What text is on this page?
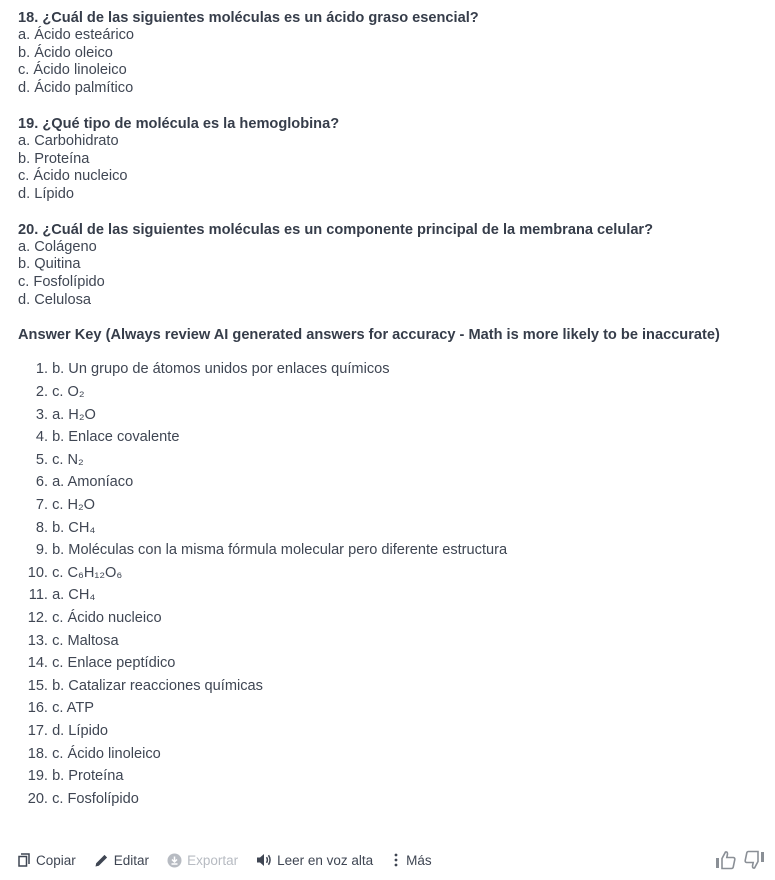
18. ¿Cuál de las siguientes moléculas es un ácido graso esencial?
a. Ácido esteárico
b. Ácido oleico
c. Ácido linoleico
d. Ácido palmítico
19. ¿Qué tipo de molécula es la hemoglobina?
a. Carbohidrato
b. Proteína
c. Ácido nucleico
d. Lípido
20. ¿Cuál de las siguientes moléculas es un componente principal de la membrana celular?
a. Colágeno
b. Quitina
c. Fosfolípido
d. Celulosa
Answer Key (Always review AI generated answers for accuracy - Math is more likely to be inaccurate)
1.
b. Un grupo de átomos unidos por enlaces químicos
2.
c. O₂
3.
a. H₂O
4.
b. Enlace covalente
5.
c. N₂
6.
a. Amoníaco
7.
c. H₂O
8.
b. CH₄
9.
b. Moléculas con la misma fórmula molecular pero diferente estructura
10.
c. C₆H₁₂O₆
11.
a. CH₄
12.
c. Ácido nucleico
13.
c. Maltosa
14.
c. Enlace peptídico
15.
b. Catalizar reacciones químicas
16.
c. ATP
17.
d. Lípido
18.
c. Ácido linoleico
19.
b. Proteína
20.
c. Fosfolípido
Copiar	Editar	Exportar	Leer en voz alta Más
